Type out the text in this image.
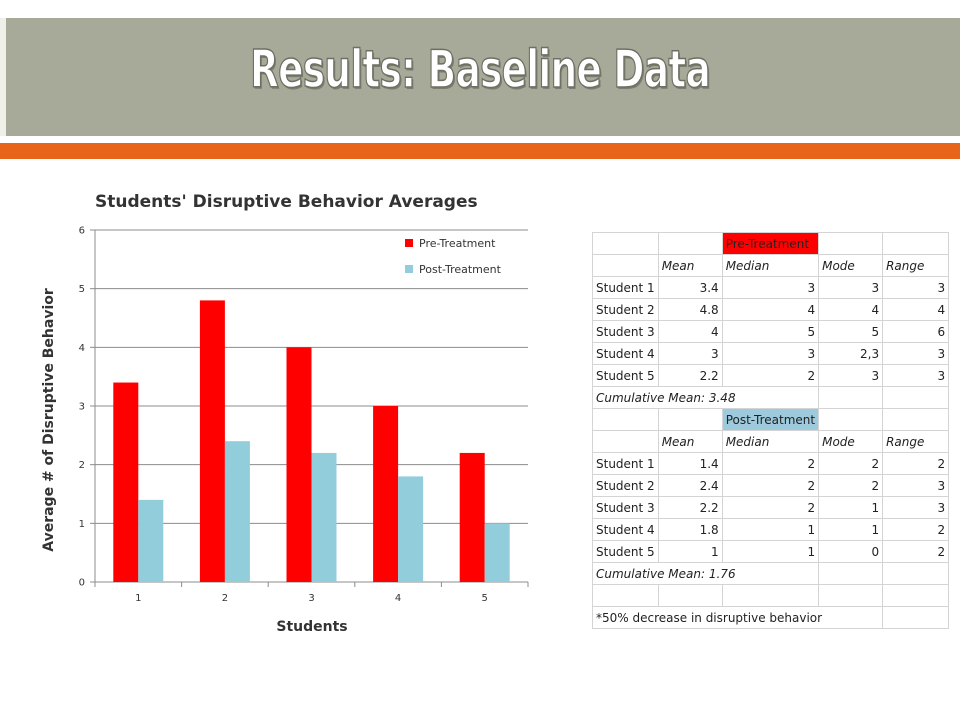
Results: Baseline Data
Students' Disruptive Behavior Averages
0
1
2
3
4
5
6
1	2	3	4	5
Pre-Treatment
Post-Treatment
Students
Average # of Disruptive Behavior
		Pre-Treatment		
	Mean	Median	Mode	Range
Student 1	3.4	3	3	3
Student 2	4.8	4	4	4
Student 3	4	5	5	6
Student 4	3	3	2,3	3
Student 5	2.2	2	3	3
Cumulative Mean: 3.48				
		Post-Treatment		
	Mean	Median	Mode	Range
Student 1	1.4	2	2	2
Student 2	2.4	2	2	3
Student 3	2.2	2	1	3
Student 4	1.8	1	1	2
Student 5	1	1	0	2
Cumulative Mean: 1.76				

*50% decrease in disruptive behavior				
